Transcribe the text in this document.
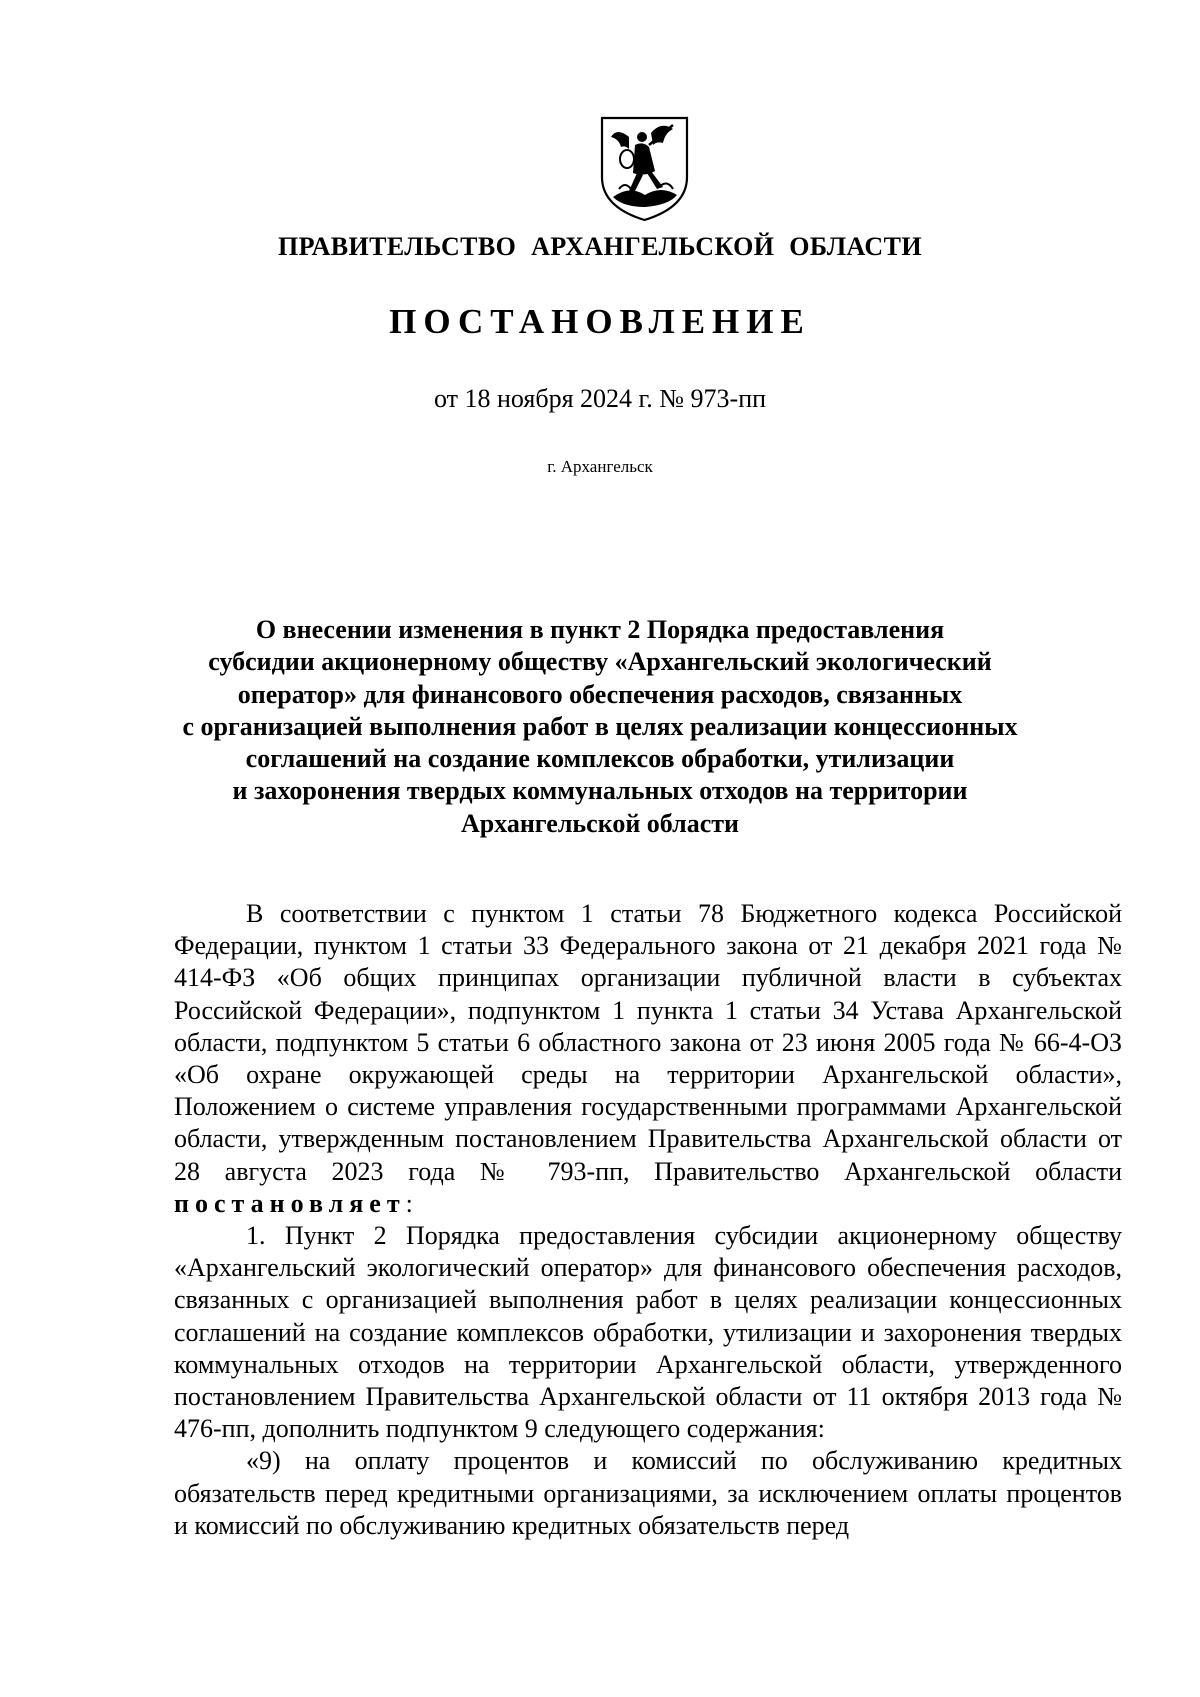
ПРАВИТЕЛЬСТВО АРХАНГЕЛЬСКОЙ ОБЛАСТИ
ПОСТАНОВЛЕНИЕ
от 18 ноября 2024 г. № 973-пп
г. Архангельск
О внесении изменения в пункт 2 Порядка предоставления
субсидии акционерному обществу «Архангельский экологический
оператор» для финансового обеспечения расходов, связанных
с организацией выполнения работ в целях реализации концессионных
соглашений на создание комплексов обработки, утилизации
и захоронения твердых коммунальных отходов на территории
Архангельской области

В соответствии с пунктом 1 статьи 78 Бюджетного кодекса Российской Федерации, пунктом 1 статьи 33 Федерального закона от 21 декабря 2021 года № 414-ФЗ «Об общих принципах организации публичной власти в субъектах Российской Федерации», подпунктом 1 пункта 1 статьи 34 Устава Архангельской области, подпунктом 5 статьи 6 областного закона от 23 июня 2005 года № 66-4-ОЗ «Об охране окружающей среды на территории Архангельской области», Положением о системе управления государственными программами Архангельской области, утвержденным постановлением Правительства Архангельской области от 28 августа 2023 года № 793-пп, Правительство Архангельской области постановляет:

1. Пункт 2 Порядка предоставления субсидии акционерному обществу «Архангельский экологический оператор» для финансового обеспечения расходов, связанных с организацией выполнения работ в целях реализации концессионных соглашений на создание комплексов обработки, утилизации и захоронения твердых коммунальных отходов на территории Архангельской области, утвержденного постановлением Правительства Архангельской области от 11 октября 2013 года № 476-пп, дополнить подпунктом 9 следующего содержания:

«9) на оплату процентов и комиссий по обслуживанию кредитных обязательств перед кредитными организациями, за исключением оплаты процентов и комиссий по обслуживанию кредитных обязательств перед
